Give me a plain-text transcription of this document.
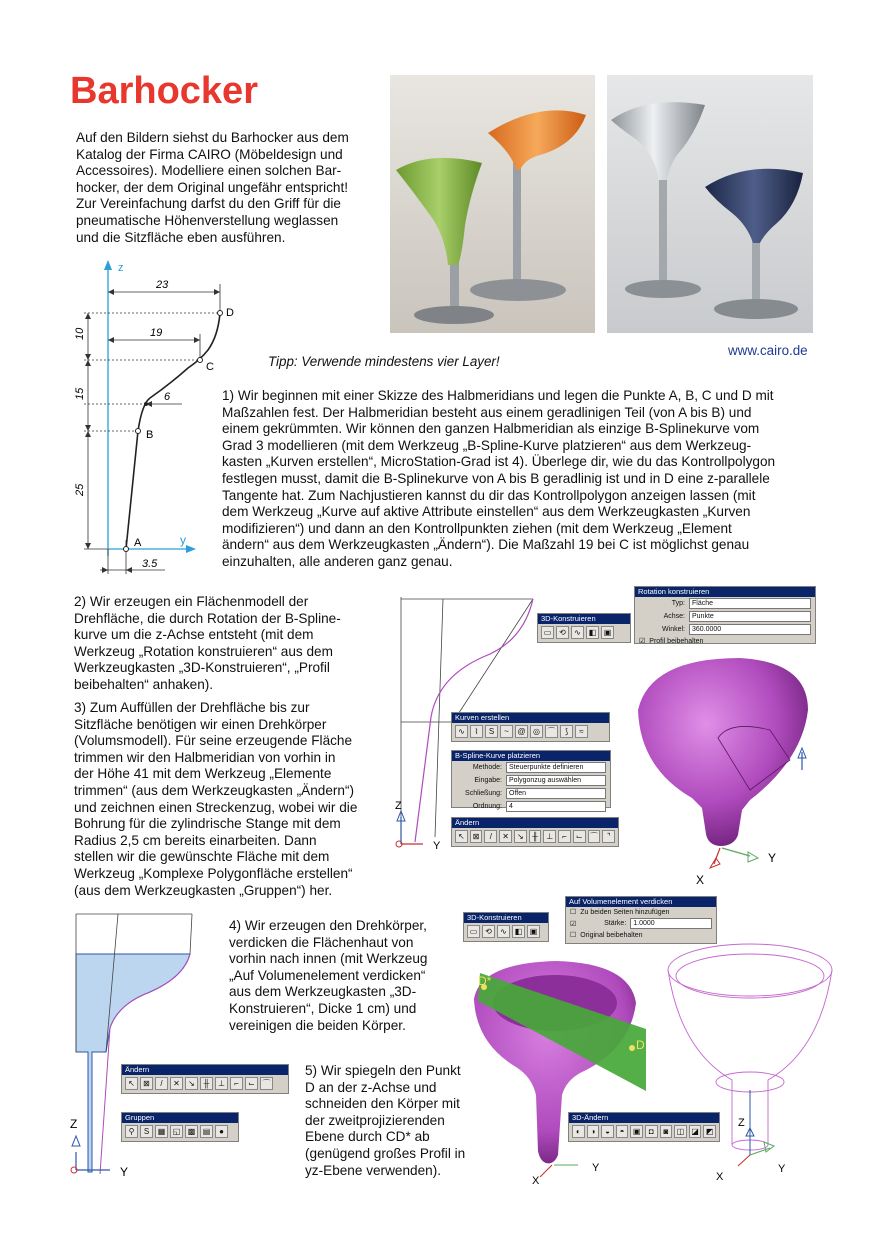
Barhocker
Auf den Bildern siehst du Barhocker aus dem
Katalog der Firma CAIRO (Möbeldesign und
Accessoires). Modelliere einen solchen Bar-
hocker, der dem Original ungefähr entspricht!
Zur Vereinfachung darfst du den Griff für die
pneumatische Höhenverstellung weglassen
und die Sitzfläche eben ausführen.
www.cairo.de
Tipp: Verwende mindestens vier Layer!
z
y
23
19
6
3.5
10
15
25
A
B
C
D
1) Wir beginnen mit einer Skizze des Halbmeridians und legen die Punkte A, B, C und D mit
Maßzahlen fest. Der Halbmeridian besteht aus einem geradlinigen Teil (von A bis B) und
einem gekrümmten. Wir können den ganzen Halbmeridian als einzige B-Splinekurve vom
Grad 3 modellieren (mit dem Werkzeug „B-Spline-Kurve platzieren“ aus dem Werkzeug-
kasten „Kurven erstellen“, MicroStation-Grad ist 4). Überlege dir, wie du das Kontrollpolygon
festlegen musst, damit die B-Splinekurve von A bis B geradlinig ist und in D eine z-parallele
Tangente hat. Zum Nachjustieren kannst du dir das Kontrollpolygon anzeigen lassen (mit
dem Werkzeug „Kurve auf aktive Attribute einstellen“ aus dem Werkzeugkasten „Kurven
modifizieren“) und dann an den Kontrollpunkten ziehen (mit dem Werkzeug „Element
ändern“ aus dem Werkzeugkasten „Ändern“). Die Maßzahl 19 bei C ist möglichst genau
einzuhalten, alle anderen ganz genau.
2) Wir erzeugen ein Flächenmodell der
Drehfläche, die durch Rotation der B-Spline-
kurve um die z-Achse entsteht (mit dem
Werkzeug „Rotation konstruieren“ aus dem
Werkzeugkasten „3D-Konstruieren“, „Profil
beibehalten“ anhaken).
3) Zum Auffüllen der Drehfläche bis zur
Sitzfläche benötigen wir einen Drehkörper
(Volumsmodell). Für seine erzeugende Fläche
trimmen wir den Halbmeridian von vorhin in
der Höhe 41 mit dem Werkzeug „Elemente
trimmen“ (aus dem Werkzeugkasten „Ändern“)
und zeichnen einen Streckenzug, wobei wir die
Bohrung für die zylindrische Stange mit dem
Radius 2,5 cm bereits einarbeiten. Dann
stellen wir die gewünschte Fläche mit dem
Werkzeug „Komplexe Polygonfläche erstellen“
(aus dem Werkzeugkasten „Gruppen“) her.
Z
Y
3D-Konstruieren
▭ ⟲	∿ ◧ ▣
Rotation konstruieren
Typ:	Fläche
Achse:	Punkte
Winkel:	360.0000
☑ Profil beibehalten
X
Y
Kurven erstellen
∿	⌇	S	~	@ ◎ ⌒	⟆	≈
B-Spline-Kurve platzieren
Methode:	Steuerpunkte definieren
Eingabe:	Polygonzug auswählen
Schließung:	Offen
Ordnung:	4
Ändern
↖	⊠	/	✕	↘	╫	⊥	⌐	⌙ ⌒	⌝
Z
Y
4) Wir erzeugen den Drehkörper,
verdicken die Flächenhaut von
vorhin nach innen (mit Werkzeug
„Auf Volumenelement verdicken“
aus dem Werkzeugkasten „3D-
Konstruieren“, Dicke 1 cm) und
vereinigen die beiden Körper.
3D-Konstruieren
▭ ⟲	∿ ◧ ▣
Auf Volumenelement verdicken
☐ Zu beiden Seiten hinzufügen
☑	Stärke:	1.0000
☐ Original beibehalten
D*
D
X
Y
Z
Y
X
Ändern
↖	⊠	/	✕	↘	╫	⊥	⌐	⌙ ⌒
Gruppen
⚲	S	▦ ◱ ▩ ▤	●
5) Wir spiegeln den Punkt
D an der z-Achse und
schneiden den Körper mit
der zweitprojizierenden
Ebene durch CD* ab
(genügend großes Profil in
yz-Ebene verwenden).
3D-Ändern
◐	◑	◒	◓	▣	◘	◙	◫ ◪ ◩
